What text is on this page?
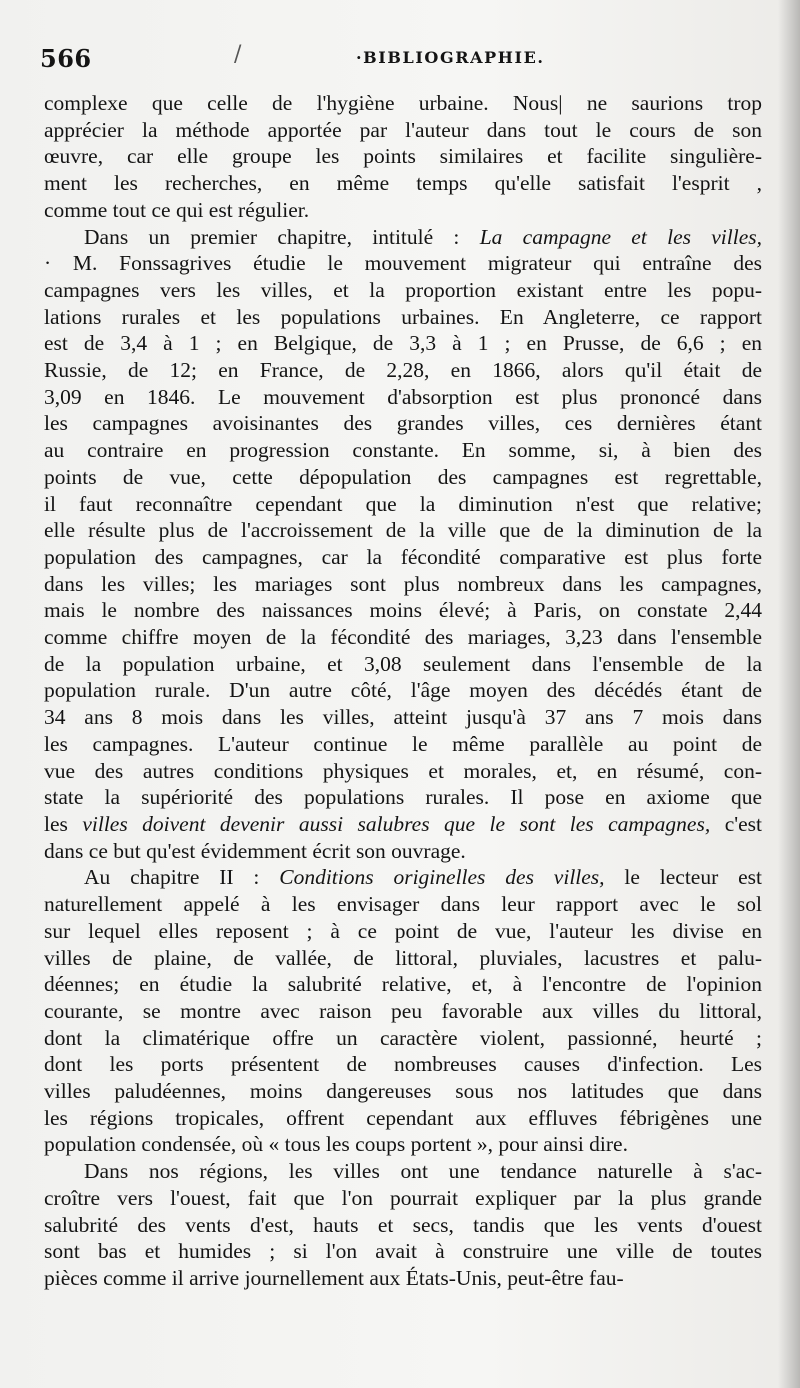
566	/	·BIBLIOGRAPHIE.
complexe que celle de l'hygiène urbaine. Nous| ne saurions trop
apprécier la méthode apportée par l'auteur dans tout le cours de son
œuvre, car elle groupe les points similaires et facilite singulière-
ment les recherches, en même temps qu'elle satisfait l'esprit ,
comme tout ce qui est régulier.
Dans un premier chapitre, intitulé : La campagne et les villes,
· M. Fonssagrives étudie le mouvement migrateur qui entraîne des
campagnes vers les villes, et la proportion existant entre les popu-
lations rurales et les populations urbaines. En Angleterre, ce rapport
est de 3,4 à 1 ; en Belgique, de 3,3 à 1 ; en Prusse, de 6,6 ; en
Russie, de 12; en France, de 2,28, en 1866, alors qu'il était de
3,09 en 1846. Le mouvement d'absorption est plus prononcé dans
les campagnes avoisinantes des grandes villes, ces dernières étant
au contraire en progression constante. En somme, si, à bien des
points de vue, cette dépopulation des campagnes est regrettable,
il faut reconnaître cependant que la diminution n'est que relative;
elle résulte plus de l'accroissement de la ville que de la diminution de la
population des campagnes, car la fécondité comparative est plus forte
dans les villes; les mariages sont plus nombreux dans les campagnes,
mais le nombre des naissances moins élevé; à Paris, on constate 2,44
comme chiffre moyen de la fécondité des mariages, 3,23 dans l'ensemble
de la population urbaine, et 3,08 seulement dans l'ensemble de la
population rurale. D'un autre côté, l'âge moyen des décédés étant de
34 ans 8 mois dans les villes, atteint jusqu'à 37 ans 7 mois dans
les campagnes. L'auteur continue le même parallèle au point de
vue des autres conditions physiques et morales, et, en résumé, con-
state la supériorité des populations rurales. Il pose en axiome que
les villes doivent devenir aussi salubres que le sont les campagnes, c'est
dans ce but qu'est évidemment écrit son ouvrage.
Au chapitre II : Conditions originelles des villes, le lecteur est
naturellement appelé à les envisager dans leur rapport avec le sol
sur lequel elles reposent ; à ce point de vue, l'auteur les divise en
villes de plaine, de vallée, de littoral, pluviales, lacustres et palu-
déennes; en étudie la salubrité relative, et, à l'encontre de l'opinion
courante, se montre avec raison peu favorable aux villes du littoral,
dont la climatérique offre un caractère violent, passionné, heurté ;
dont les ports présentent de nombreuses causes d'infection. Les
villes paludéennes, moins dangereuses sous nos latitudes que dans
les régions tropicales, offrent cependant aux effluves fébrigènes une
population condensée, où « tous les coups portent », pour ainsi dire.
Dans nos régions, les villes ont une tendance naturelle à s'ac-
croître vers l'ouest, fait que l'on pourrait expliquer par la plus grande
salubrité des vents d'est, hauts et secs, tandis que les vents d'ouest
sont bas et humides ; si l'on avait à construire une ville de toutes
pièces comme il arrive journellement aux États-Unis, peut-être fau-
